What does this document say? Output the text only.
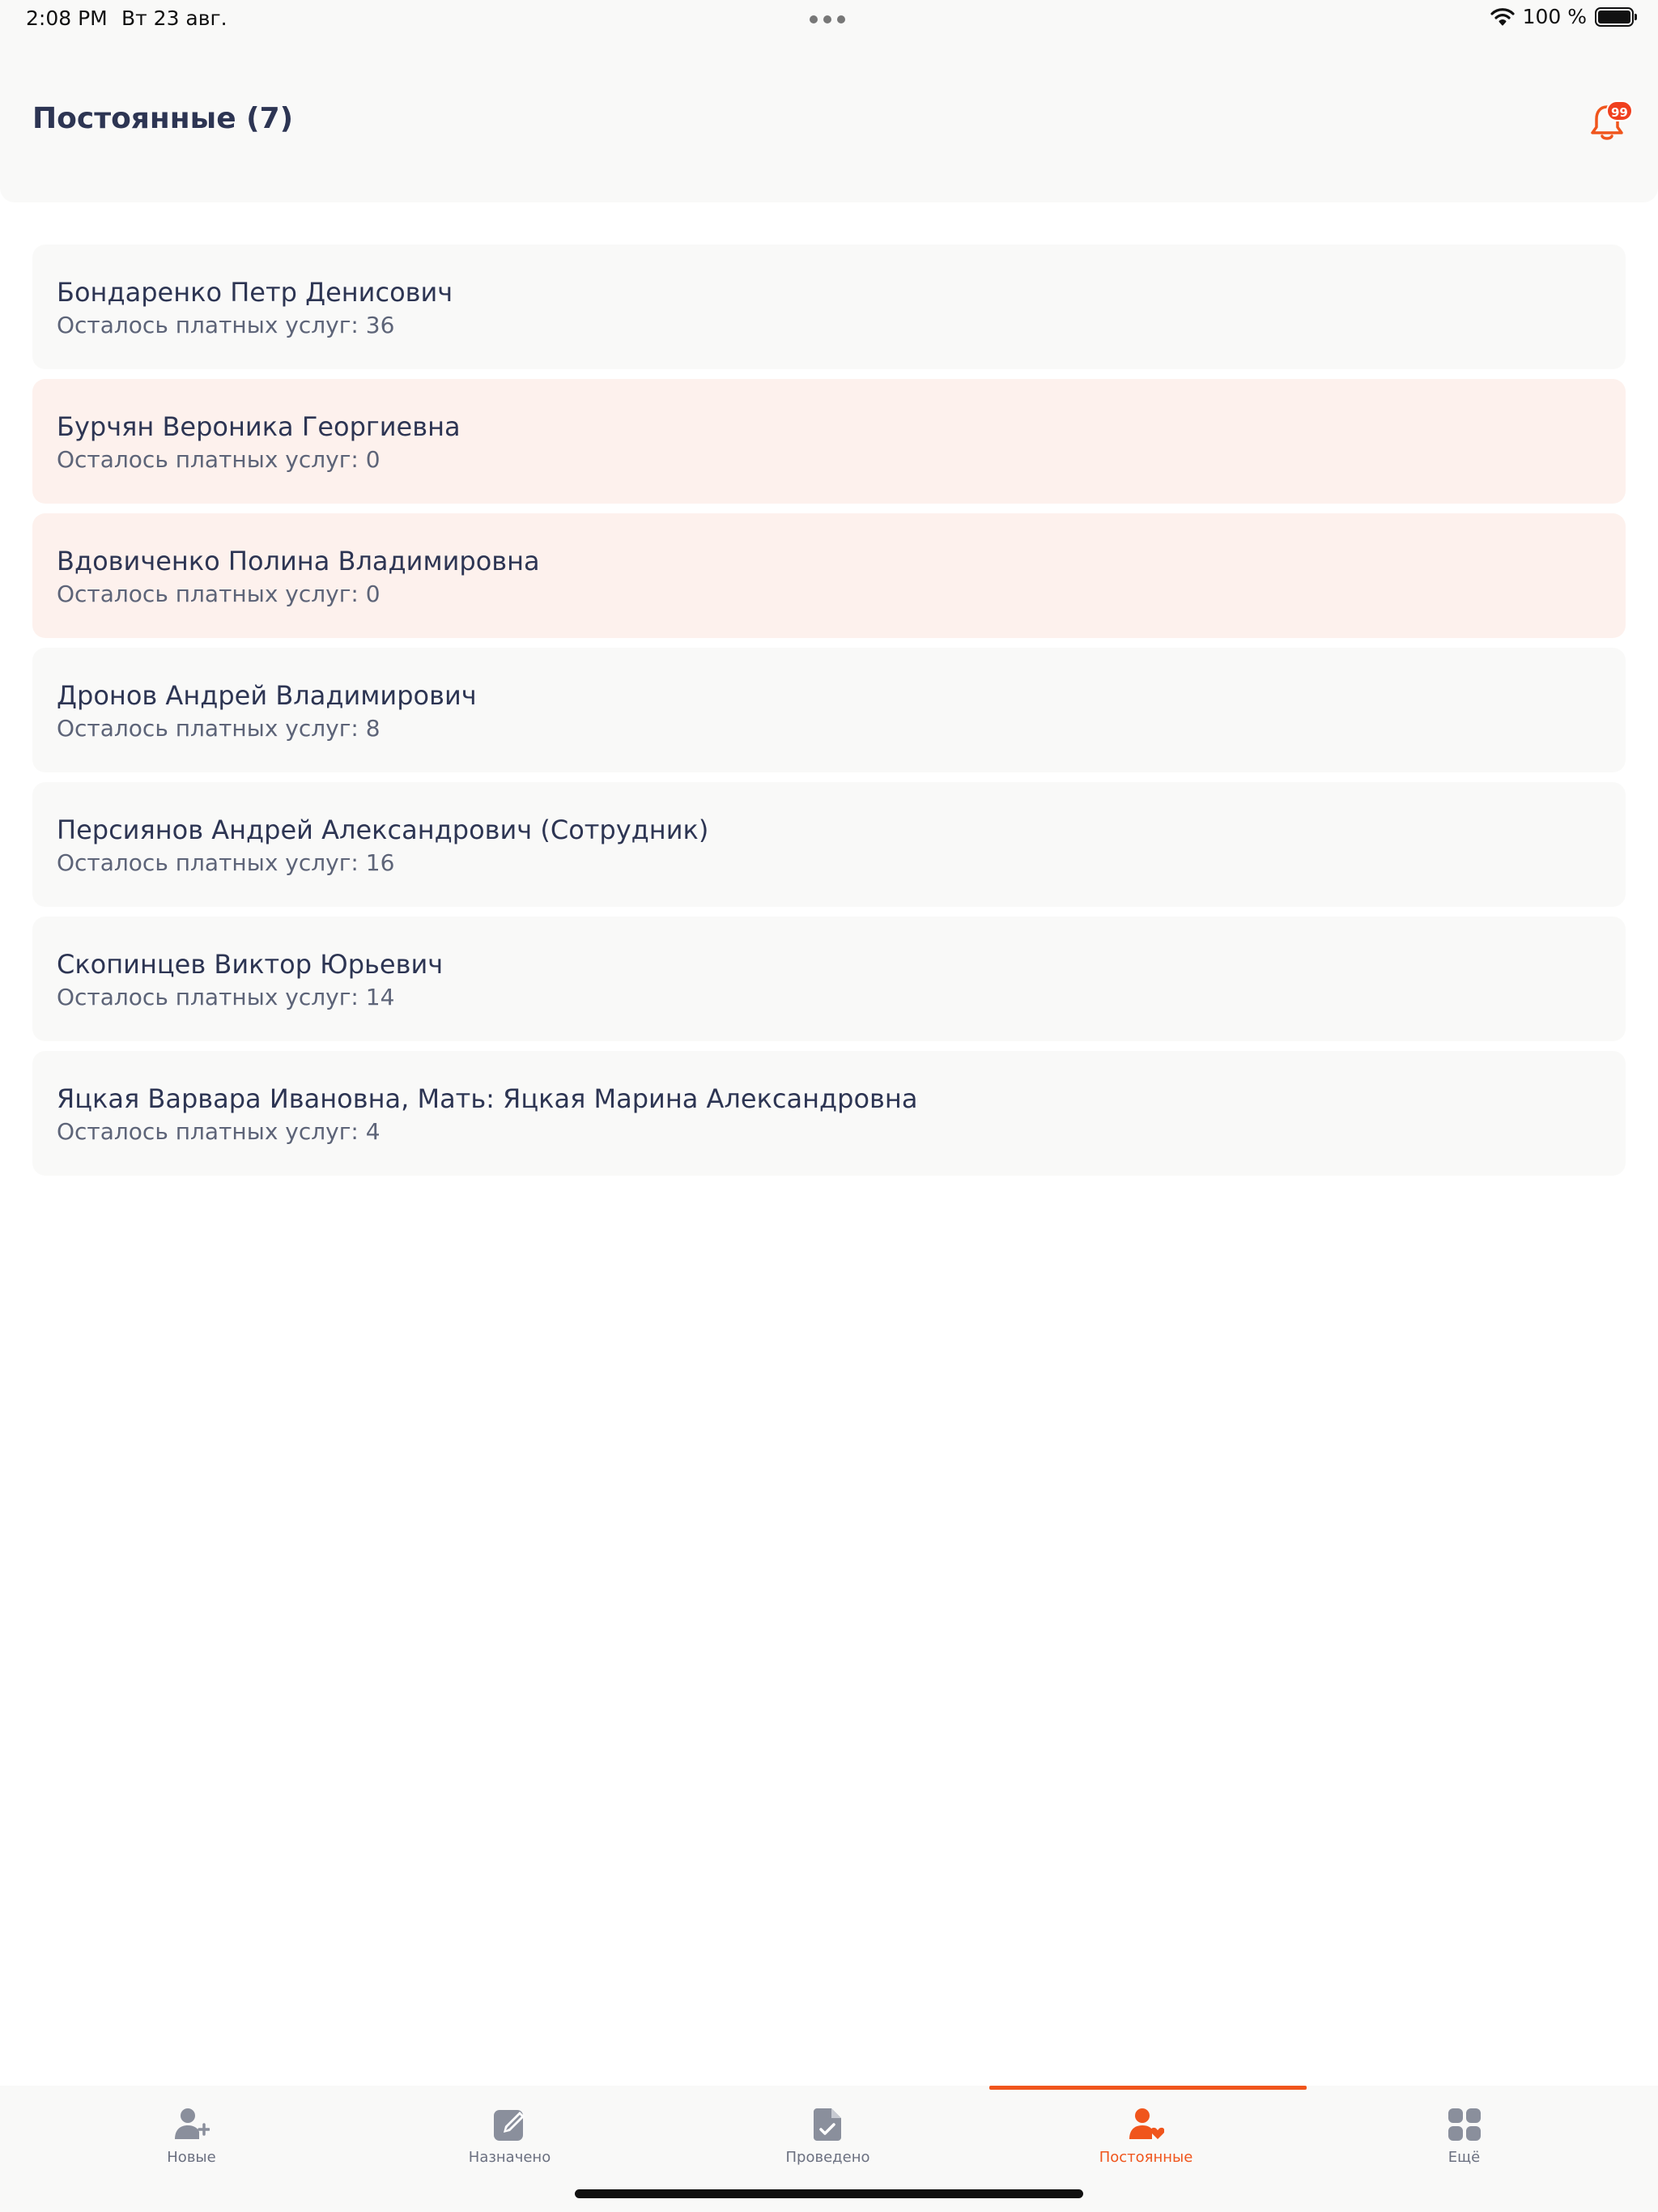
Постоянные (7)	99
2:08 PM Вт 23 авг.	100 %
Бондаренко Петр Денисович
Осталось платных услуг: 36
Бурчян Вероника Георгиевна
Осталось платных услуг: 0
Вдовиченко Полина Владимировна
Осталось платных услуг: 0
Дронов Андрей Владимирович
Осталось платных услуг: 8
Персиянов Андрей Александрович (Сотрудник)
Осталось платных услуг: 16
Скопинцев Виктор Юрьевич
Осталось платных услуг: 14
Яцкая Варвара Ивановна, Мать: Яцкая Марина Александровна
Осталось платных услуг: 4
Новые	Назначено	Проведено	Постоянные	Ещё
